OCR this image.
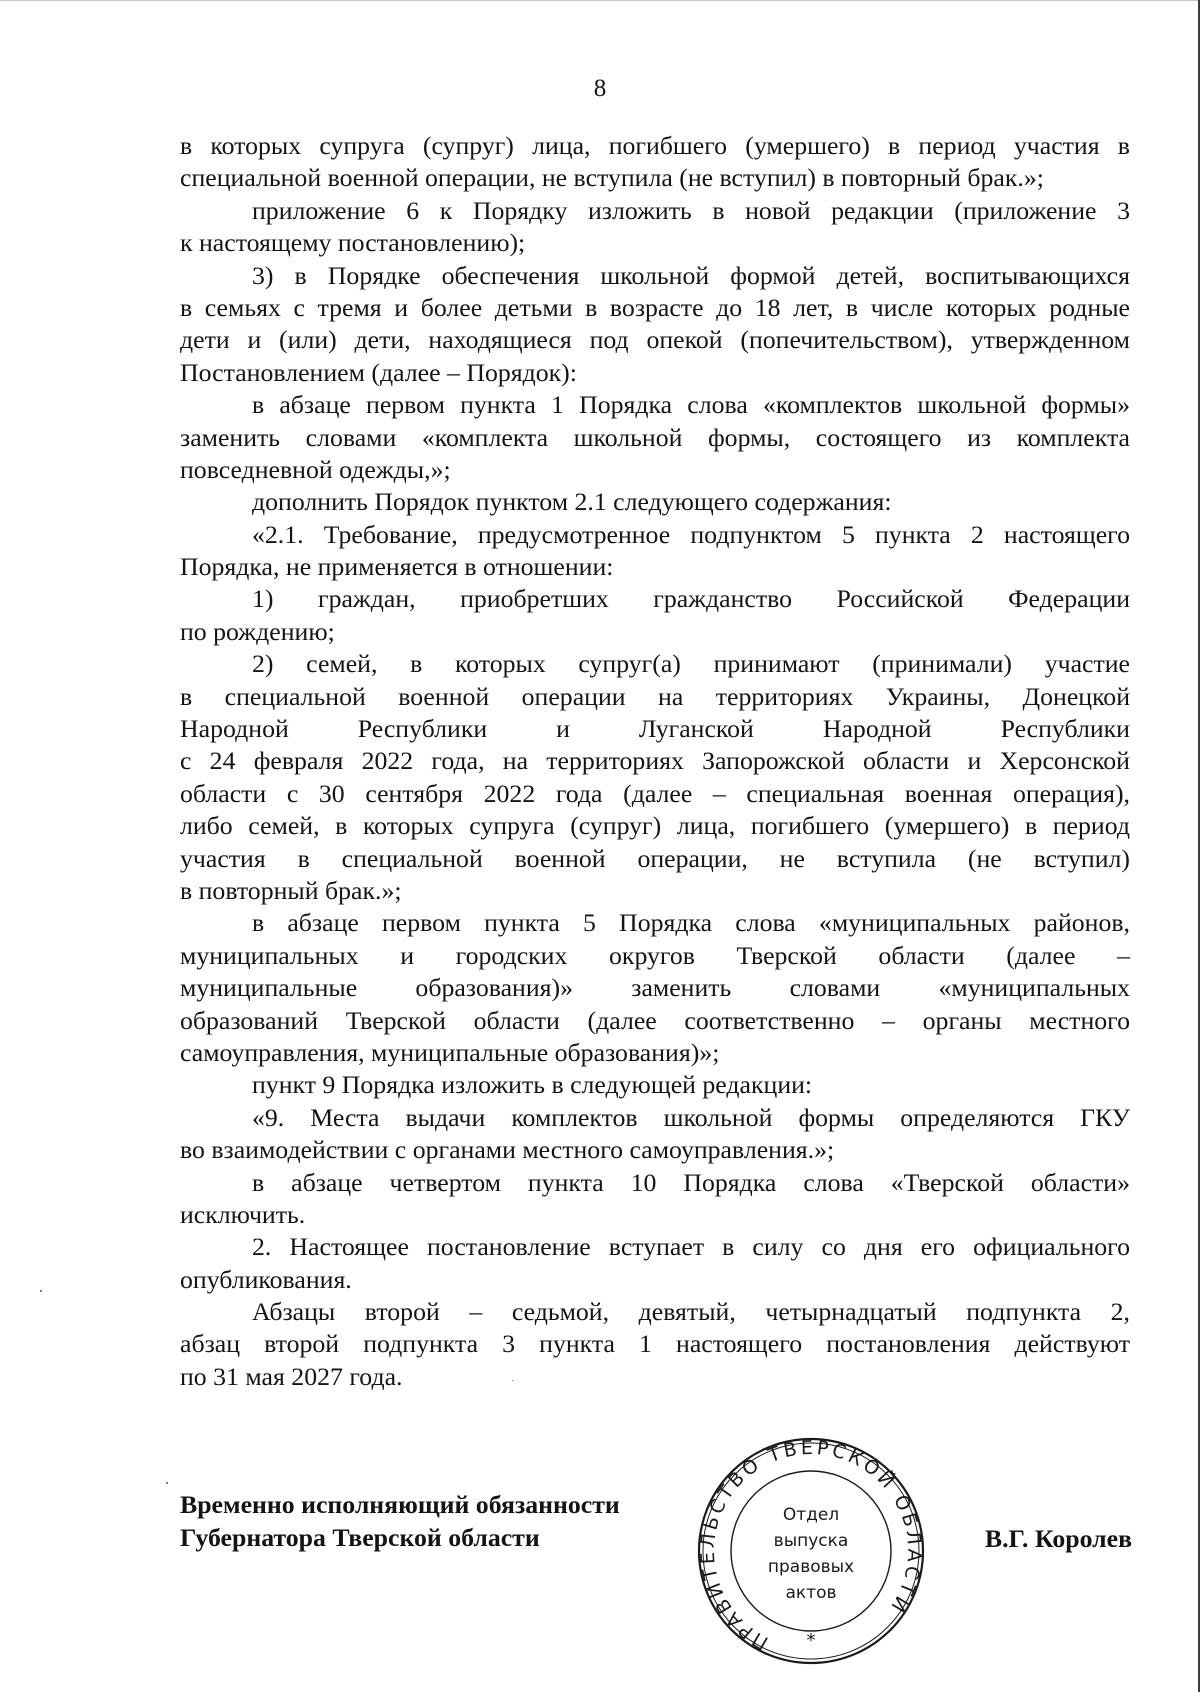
8
в которых супруга (супруг) лица, погибшего (умершего) в период участия в
специальной военной операции, не вступила (не вступил) в повторный брак.»;
приложение 6 к Порядку изложить в новой редакции (приложение 3
к настоящему постановлению);
3) в Порядке обеспечения школьной формой детей, воспитывающихся
в семьях с тремя и более детьми в возрасте до 18 лет, в числе которых родные
дети и (или) дети, находящиеся под опекой (попечительством), утвержденном
Постановлением (далее – Порядок):
в абзаце первом пункта 1 Порядка слова «комплектов школьной формы»
заменить словами «комплекта школьной формы, состоящего из комплекта
повседневной одежды,»;
дополнить Порядок пунктом 2.1 следующего содержания:
«2.1. Требование, предусмотренное подпунктом 5 пункта 2 настоящего
Порядка, не применяется в отношении:
1) граждан, приобретших гражданство Российской Федерации
по рождению;
2) семей, в которых супруг(а) принимают (принимали) участие
в специальной военной операции на территориях Украины, Донецкой
Народной Республики и Луганской Народной Республики
с 24 февраля 2022 года, на территориях Запорожской области и Херсонской
области с 30 сентября 2022 года (далее – специальная военная операция),
либо семей, в которых супруга (супруг) лица, погибшего (умершего) в период
участия в специальной военной операции, не вступила (не вступил)
в повторный брак.»;
в абзаце первом пункта 5 Порядка слова «муниципальных районов,
муниципальных и городских округов Тверской области (далее –
муниципальные образования)» заменить словами «муниципальных
образований Тверской области (далее соответственно – органы местного
самоуправления, муниципальные образования)»;
пункт 9 Порядка изложить в следующей редакции:
«9. Места выдачи комплектов школьной формы определяются ГКУ
во взаимодействии с органами местного самоуправления.»;
в абзаце четвертом пункта 10 Порядка слова «Тверской области»
исключить.
2. Настоящее постановление вступает в силу со дня его официального
опубликования.
Абзацы второй – седьмой, девятый, четырнадцатый подпункта 2,
абзац второй подпункта 3 пункта 1 настоящего постановления действуют
по 31 мая 2027 года.
Временно исполняющий обязанности
Губернатора Тверской области
ПРАВИТЕЛЬСТВО ТВЕРСКОЙ ОБЛАСТИ
*
Отдел
выпуска
правовых
актов
В.Г. Королев
